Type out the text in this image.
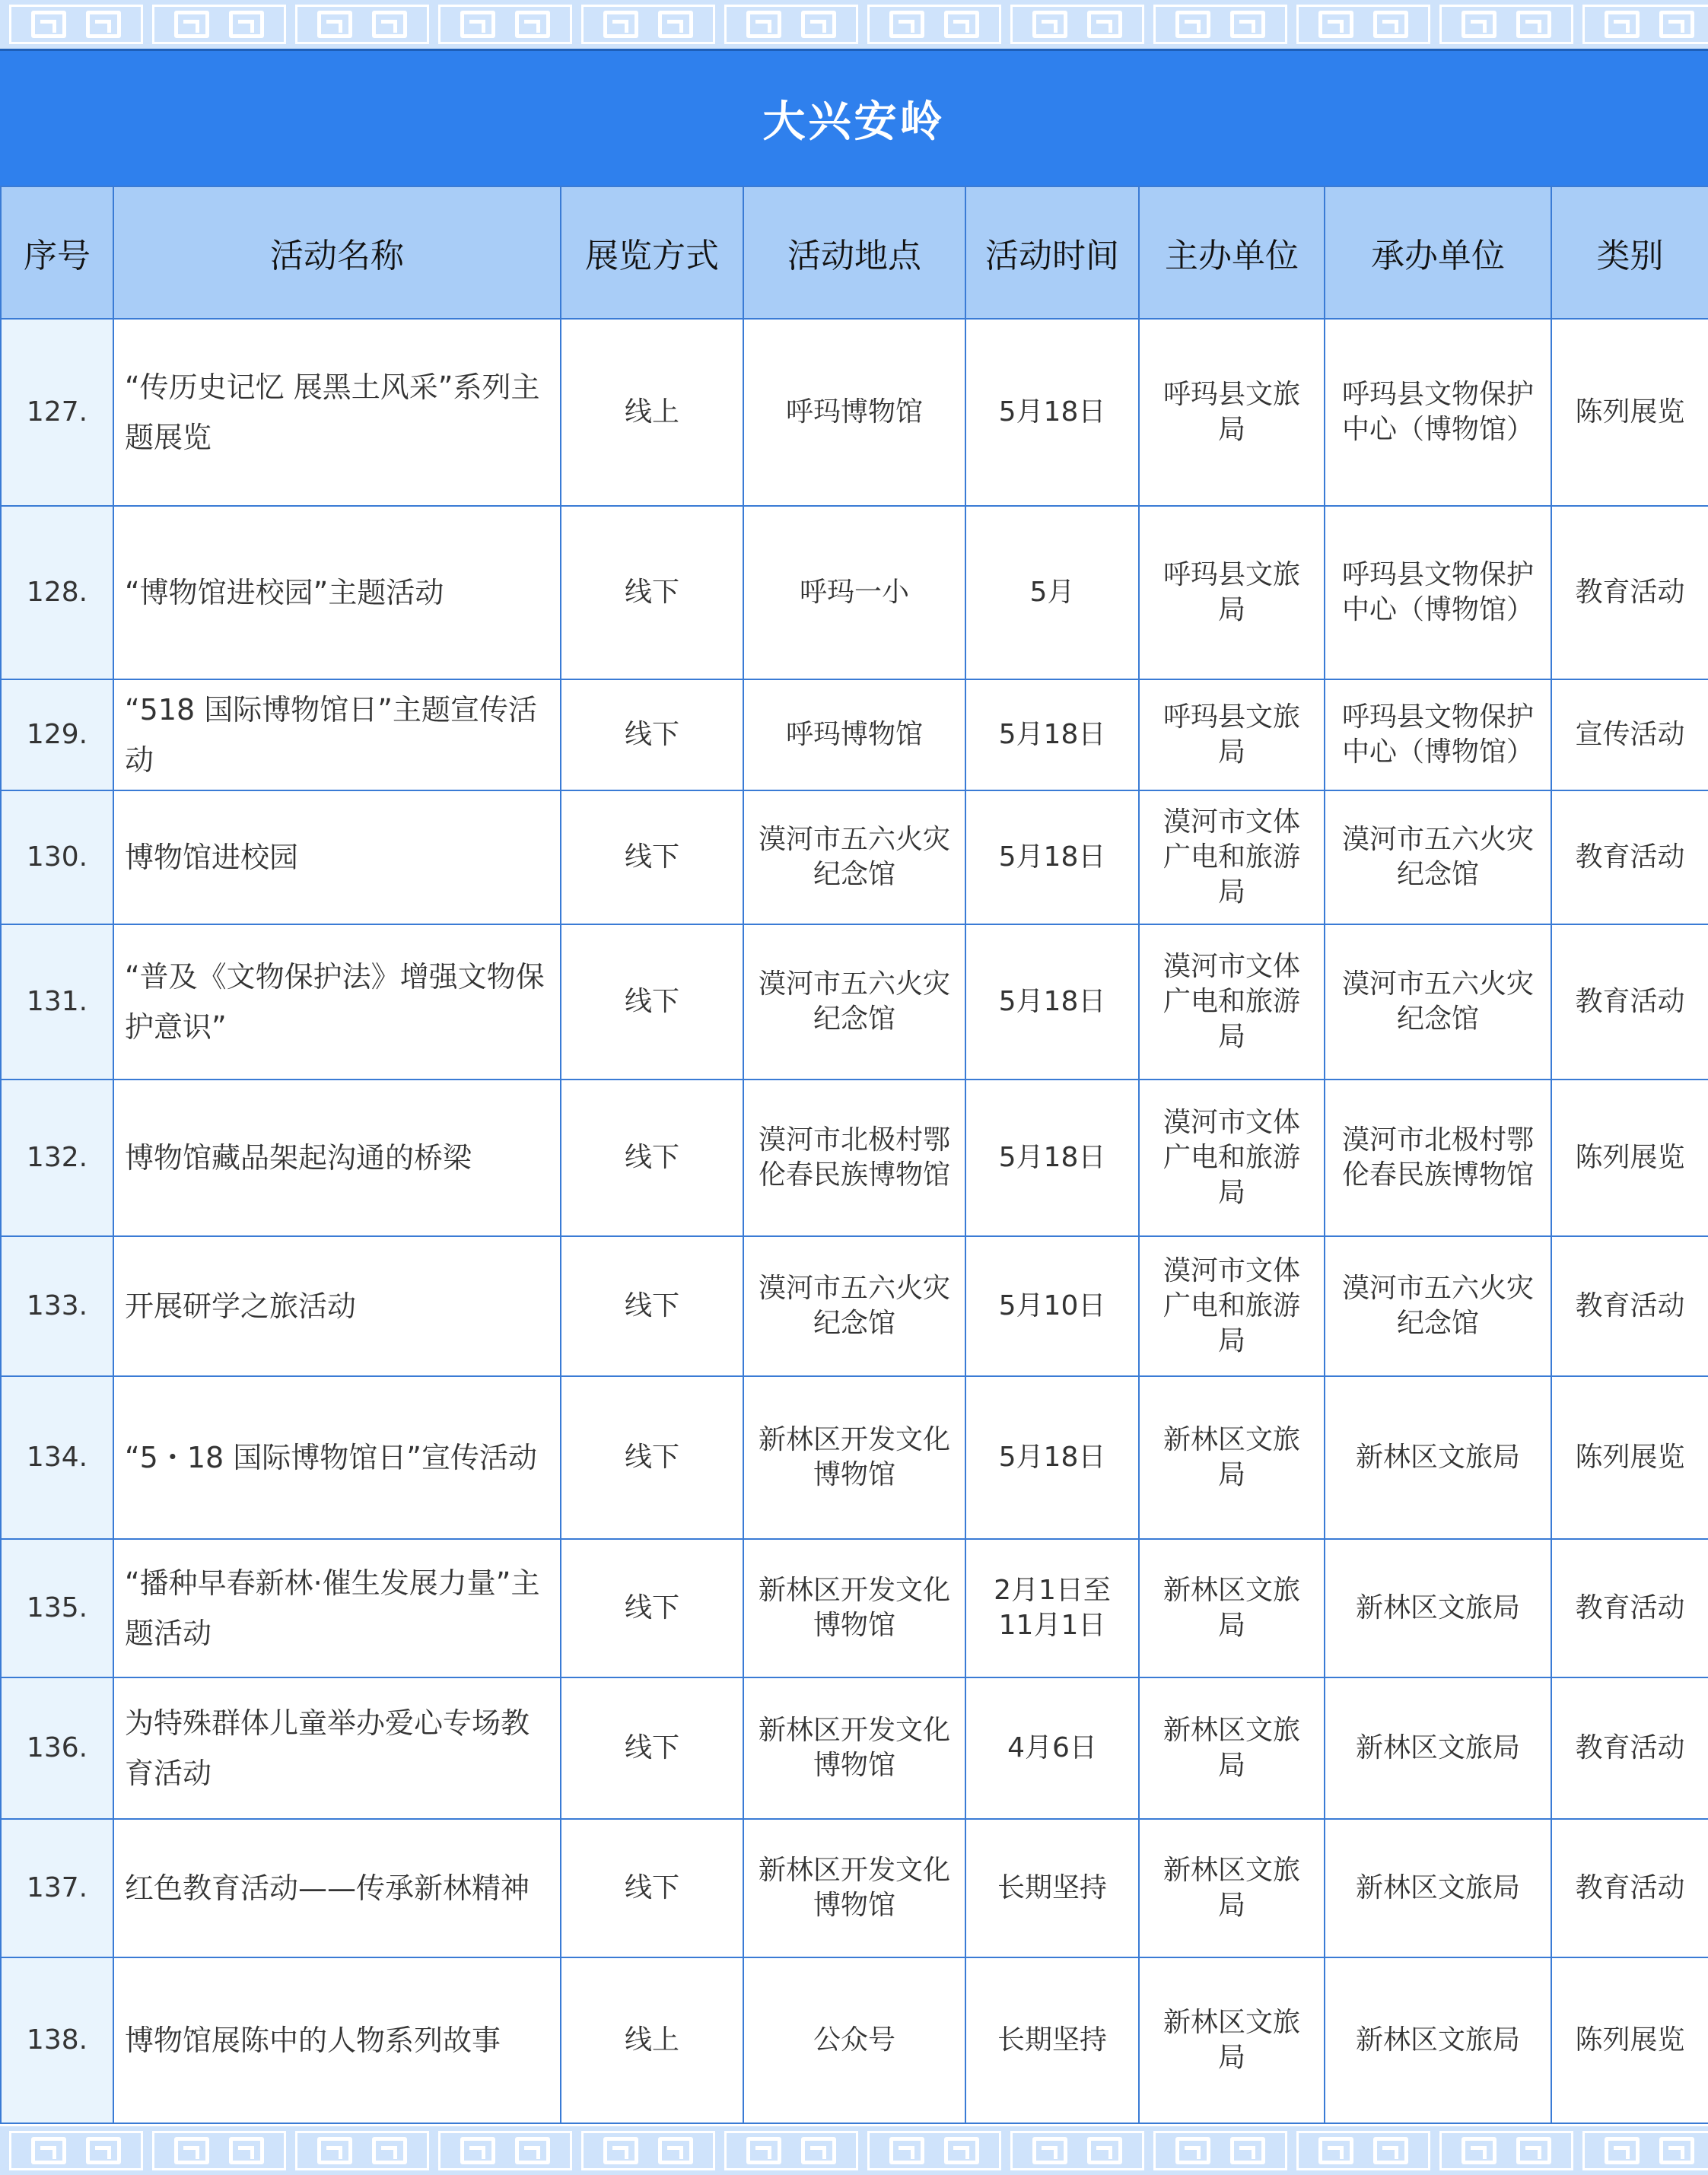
大兴安岭
序号	活动名称	展览方式	活动地点	活动时间	主办单位	承办单位	类别
127.	“传历史记忆 展黑土风采”系列主题展览	线上	呼玛博物馆	5月18日	呼玛县文旅局	呼玛县文物保护中心（博物馆）	陈列展览
128.	“博物馆进校园”主题活动	线下	呼玛一小	5月	呼玛县文旅局	呼玛县文物保护中心（博物馆）	教育活动
129.	“518 国际博物馆日”主题宣传活动	线下	呼玛博物馆	5月18日	呼玛县文旅局	呼玛县文物保护中心（博物馆）	宣传活动
130.	博物馆进校园	线下	漠河市五六火灾纪念馆	5月18日	漠河市文体广电和旅游局	漠河市五六火灾纪念馆	教育活动
131.	“普及《文物保护法》增强文物保护意识”	线下	漠河市五六火灾纪念馆	5月18日	漠河市文体广电和旅游局	漠河市五六火灾纪念馆	教育活动
132.	博物馆藏品架起沟通的桥梁	线下	漠河市北极村鄂伦春民族博物馆	5月18日	漠河市文体广电和旅游局	漠河市北极村鄂伦春民族博物馆	陈列展览
133.	开展研学之旅活动	线下	漠河市五六火灾纪念馆	5月10日	漠河市文体广电和旅游局	漠河市五六火灾纪念馆	教育活动
134.	“5・18 国际博物馆日”宣传活动	线下	新林区开发文化博物馆	5月18日	新林区文旅局	新林区文旅局	陈列展览
135.	“播种早春新林·催生发展力量”主题活动	线下	新林区开发文化博物馆	2月1日至11月1日	新林区文旅局	新林区文旅局	教育活动
136.	为特殊群体儿童举办爱心专场教育活动	线下	新林区开发文化博物馆	4月6日	新林区文旅局	新林区文旅局	教育活动
137.	红色教育活动——传承新林精神	线下	新林区开发文化博物馆	长期坚持	新林区文旅局	新林区文旅局	教育活动
138.	博物馆展陈中的人物系列故事	线上	公众号	长期坚持	新林区文旅局	新林区文旅局	陈列展览
